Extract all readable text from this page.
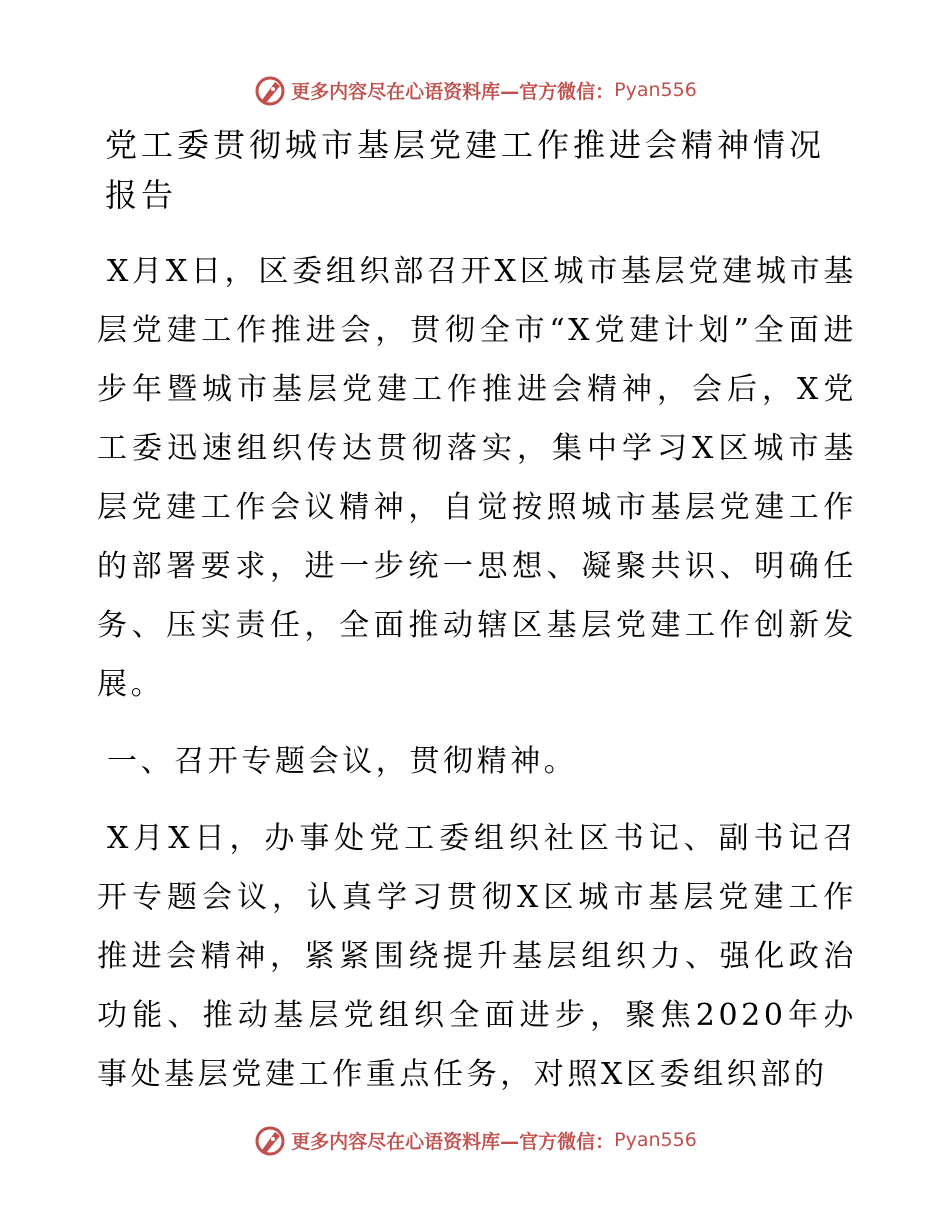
更多内容尽在心语资料库—官方微信： Pyan556
党工委贯彻城市基层党建工作推进会精神情况报告
X月X日，区委组织部召开X区城市基层党建城市基层党建工作推进会，贯彻全市“X党建计划”全面进步年暨城市基层党建工作推进会精神，会后，X党工委迅速组织传达贯彻落实，集中学习X区城市基层党建工作会议精神，自觉按照城市基层党建工作的部署要求，进一步统一思想、凝聚共识、明确任务、压实责任，全面推动辖区基层党建工作创新发展。
一、召开专题会议，贯彻精神。
X月X日，办事处党工委组织社区书记、副书记召开专题会议，认真学习贯彻X区城市基层党建工作推进会精神，紧紧围绕提升基层组织力、强化政治功能、推动基层党组织全面进步，聚焦2020年办事处基层党建工作重点任务，对照X区委组织部的
更多内容尽在心语资料库—官方微信： Pyan556
